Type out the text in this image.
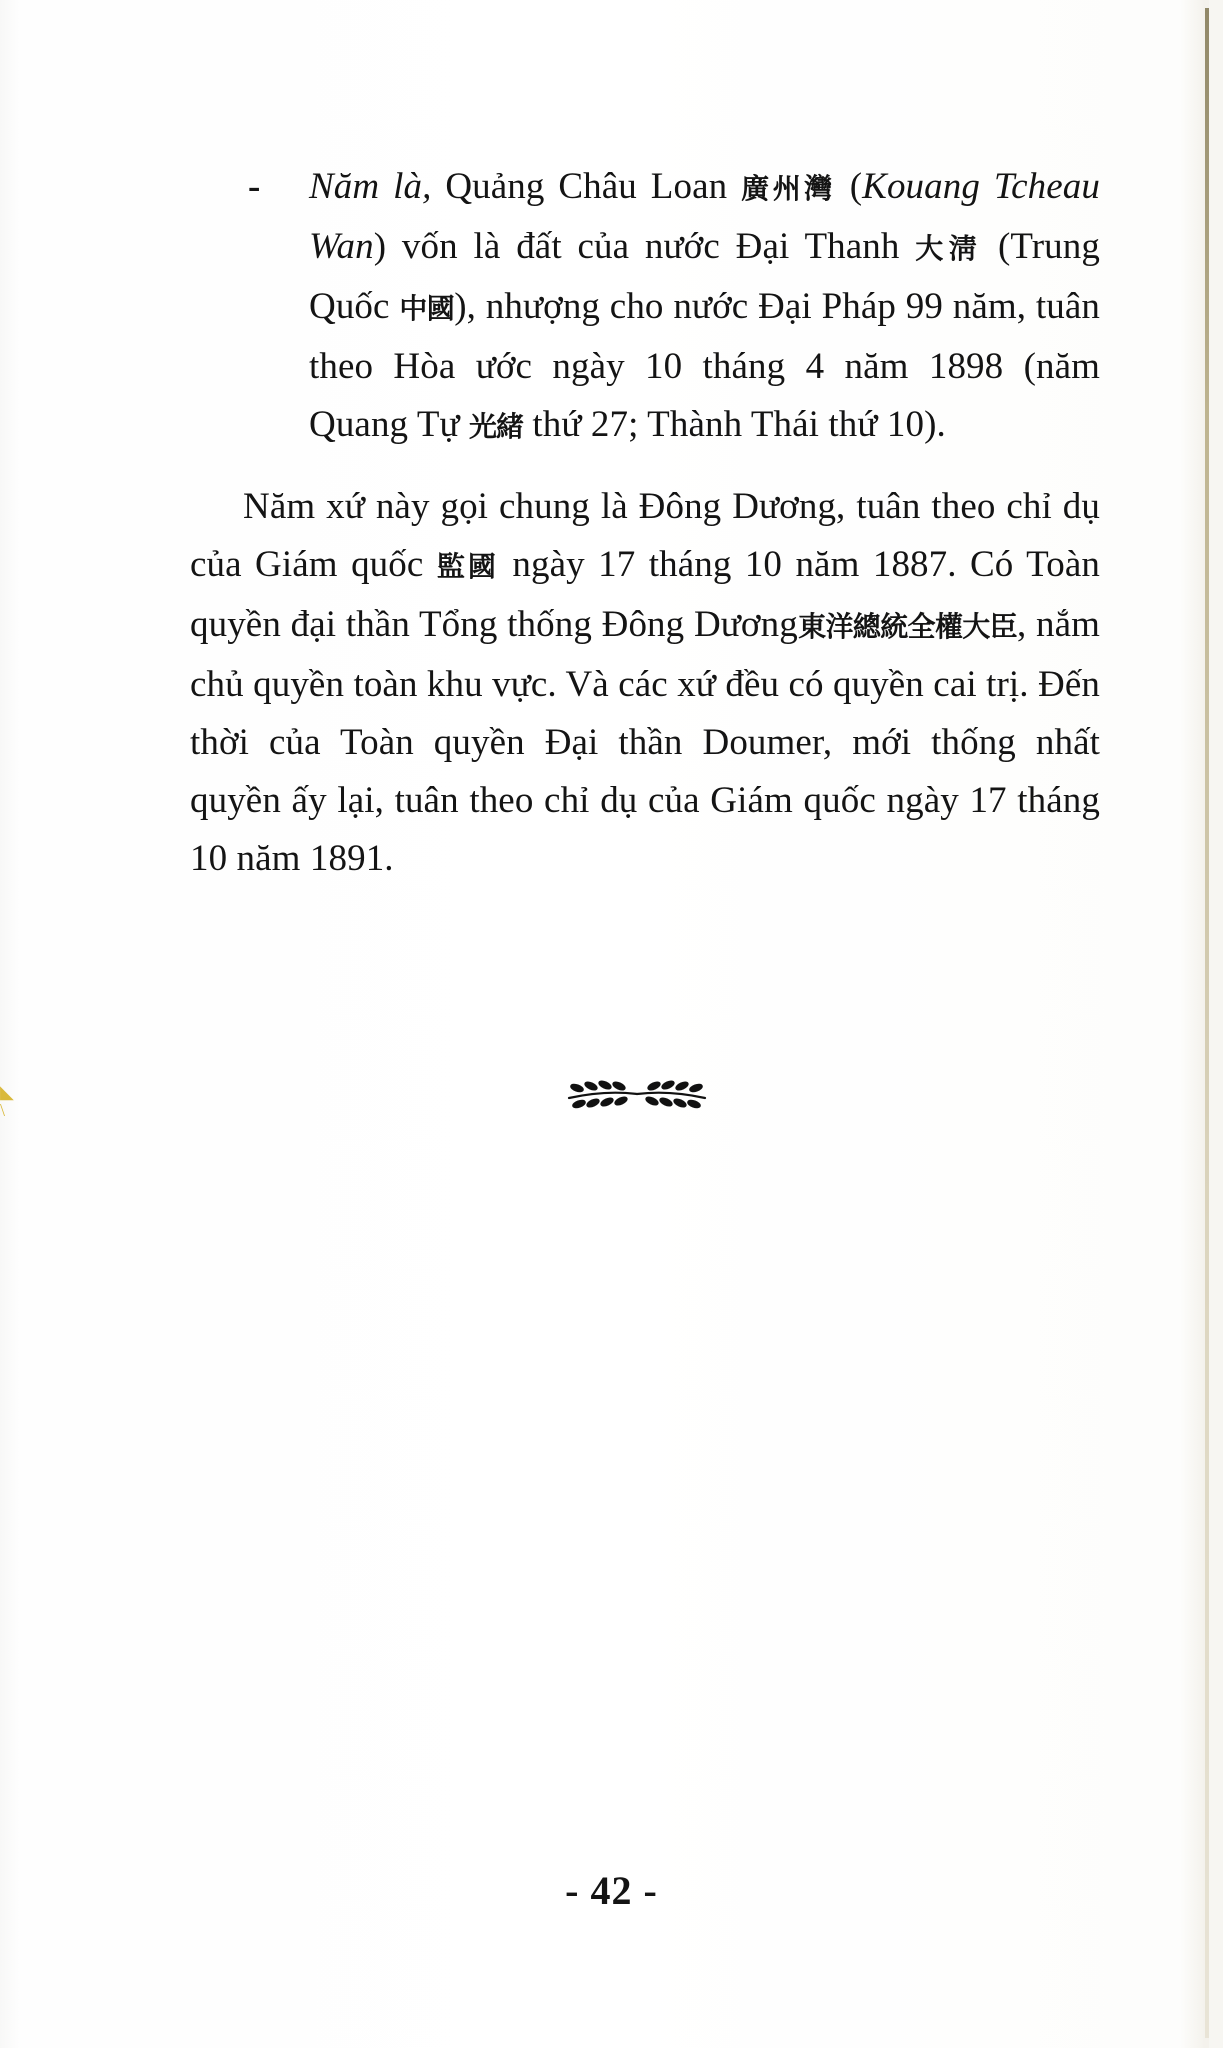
◣
\
- Năm là, Quảng Châu Loan 廣州灣 (Kouang Tcheau Wan) vốn là đất của nước Đại Thanh 大淸 (Trung Quốc 中國), nhượng cho nước Đại Pháp 99 năm, tuân theo Hòa ước ngày 10 tháng 4 năm 1898 (năm Quang Tự 光緒 thứ 27; Thành Thái thứ 10).

Năm xứ này gọi chung là Đông Dương, tuân theo chỉ dụ của Giám quốc 監國 ngày 17 tháng 10 năm 1887. Có Toàn quyền đại thần Tổng thống Đông Dương東洋總統全權大臣, nắm chủ quyền toàn khu vực. Và các xứ đều có quyền cai trị. Đến thời của Toàn quyền Đại thần Doumer, mới thống nhất quyền ấy lại, tuân theo chỉ dụ của Giám quốc ngày 17 tháng 10 năm 1891.

- 42 -
